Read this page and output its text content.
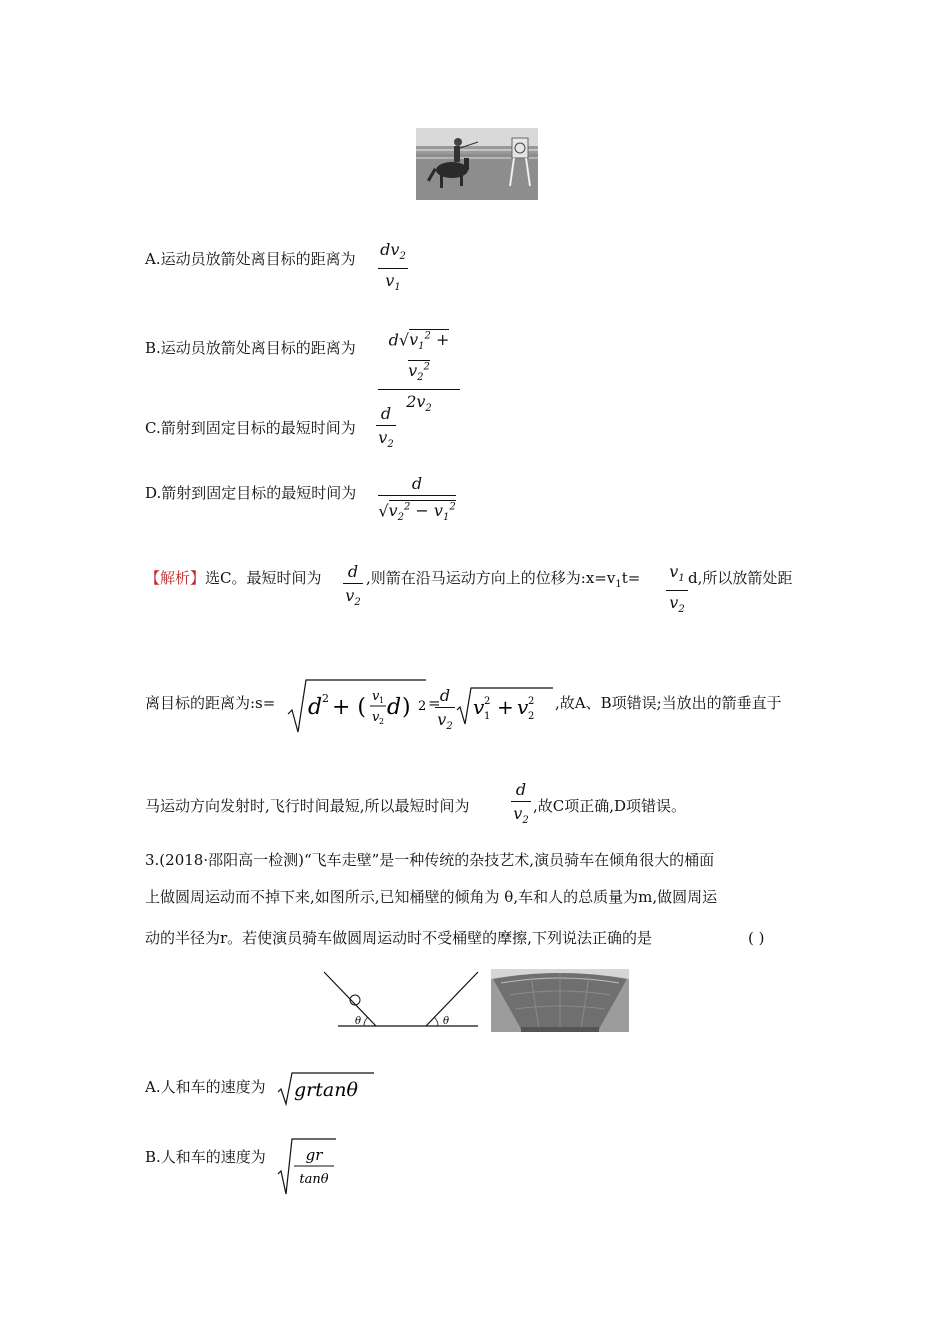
A.运动员放箭处离目标的距离为 $dv_2$
$v_1$
B.运动员放箭处离目标的距离为	$d√v_1^2 + v_2^2$
$2v_2$
C.箭射到固定目标的最短时间为
d
$v_2$
D.箭射到固定目标的最短时间为	d
$√v_2^2 - v_1^2$
【解析】选C。最短时间为	d
$v_2$
,则箭在沿马运动方向上的位移为$:x=v_1t= v_1$
$v_2$
d,所以放箭处距
离目标的距离为:s= d 2 + ( v 1
v 2
d ) 2 = d
$v_2$
v 1
2 + v 2
2 ,故A、B项错误;当放出的箭垂直于
马运动方向发射时,飞行时间最短,所以最短时间为
d
$v_2$
,故C项正确,D项错误。
3.(2018·邵阳高一检测)“飞车走壁”是一种传统的杂技艺术,演员骑车在倾角很大的桶面
上做圆周运动而不掉下来,如图所示,已知桶壁的倾角为 θ,车和人的总质量为m,做圆周运
动的半径为r。若使演员骑车做圆周运动时不受桶壁的摩擦,下列说法正确的是	( )
θ	θ
A.人和车的速度为 grtanθ
B.人和车的速度为	gr
tanθ
